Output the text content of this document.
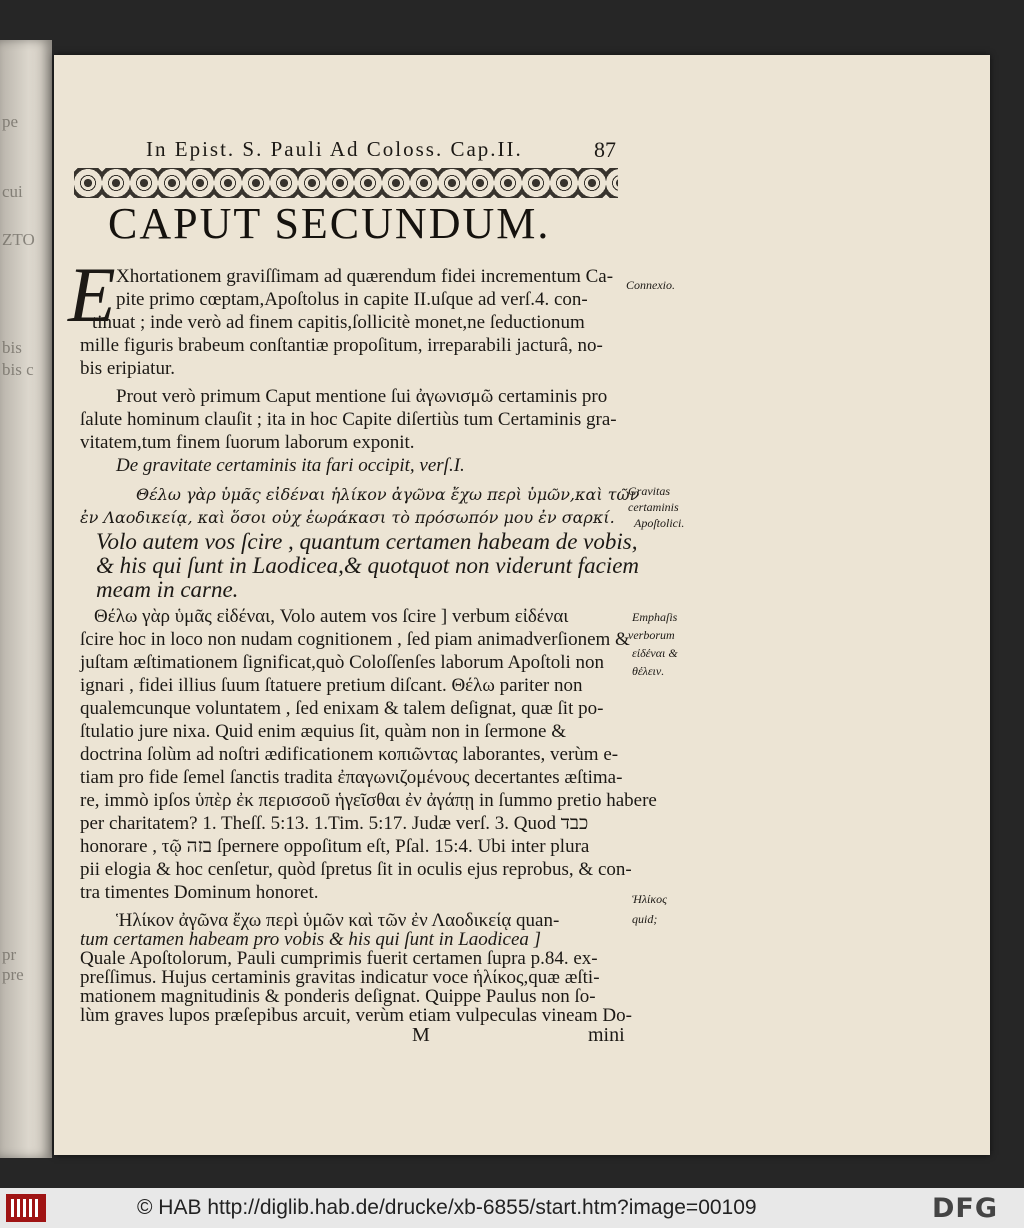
pe
cui
ZTO
bis
bis c
pr
pre
In Epist. S. Pauli Ad Coloss. Cap.II.	87
CAPUT SECUNDUM.
E Xhortationem graviſſimam ad quærendum fidei incrementum Ca-
pite primo cœptam,Apoſtolus in capite II.uſque ad verſ.4. con-
tinuat ; inde verò ad finem capitis,ſollicitè monet,ne ſeductionum
mille figuris brabeum conſtantiæ propoſitum, irreparabili jacturâ, no-
bis eripiatur.
Prout verò primum Caput mentione ſui ἀγωνισμῶ certaminis pro
ſalute hominum clauſit ; ita in hoc Capite diſertiùs tum Certaminis gra-
vitatem,tum finem ſuorum laborum exponit.
De gravitate certaminis ita fari occipit, verſ.I.
Θέλω γὰρ ὑμᾶς εἰδέναι ἡλίκον ἀγῶνα ἔχω περὶ ὑμῶν,καὶ τῶν
ἐν Λαοδικείᾳ, καὶ ὅσοι οὐχ ἑωράκασι τὸ πρόσωπόν μου ἐν σαρκί.
Volo autem vos ſcire , quantum certamen habeam de vobis,
& his qui ſunt in Laodicea,& quotquot non viderunt faciem
meam in carne.
Θέλω γὰρ ὑμᾶς εἰδέναι, Volo autem vos ſcire ] verbum εἰδέναι
ſcire hoc in loco non nudam cognitionem , ſed piam animadverſionem &
juſtam æſtimationem ſignificat,quò Coloſſenſes laborum Apoſtoli non
ignari , fidei illius ſuum ſtatuere pretium diſcant. Θέλω pariter non
qualemcunque voluntatem , ſed enixam & talem deſignat, quæ ſit po-
ſtulatio jure nixa. Quid enim æquius ſit, quàm non in ſermone &
doctrina ſolùm ad noſtri ædificationem κοπιῶντας laborantes, verùm e-
tiam pro fide ſemel ſanctis tradita ἐπαγωνιζομένους decertantes æſtima-
re, immò ipſos ὑπὲρ ἐκ περισσοῦ ἡγεῖσθαι ἐν ἀγάπῃ in ſummo pretio habere
per charitatem? 1. Theſſ. 5:13. 1.Tim. 5:17. Judæ verſ. 3. Quod כבד
honorare , τῷ בזה ſpernere oppoſitum eſt, Pſal. 15:4. Ubi inter plura
pii elogia & hoc cenſetur, quòd ſpretus ſit in oculis ejus reprobus, & con-
tra timentes Dominum honoret.
Ἡλίκον ἀγῶνα ἔχω περὶ ὑμῶν καὶ τῶν ἐν Λαοδικείᾳ quan-
tum certamen habeam pro vobis & his qui ſunt in Laodicea ]
Quale Apoſtolorum, Pauli cumprimis fuerit certamen ſupra p.84. ex-
preſſimus. Hujus certaminis gravitas indicatur voce ἡλίκος,quæ æſti-
mationem magnitudinis & ponderis deſignat. Quippe Paulus non ſo-
M	mini
Connexio.
Gravitas
certaminis
Apoſtolici.
Emphaſis
verborum
εἰδέναι &
θέλειν.
Ἡλίκος
quid;
© HAB http://diglib.hab.de/drucke/xb-6855/start.htm?image=00109	DFG
lùm graves lupos præſepibus arcuit, verùm etiam vulpeculas vineam Do-
